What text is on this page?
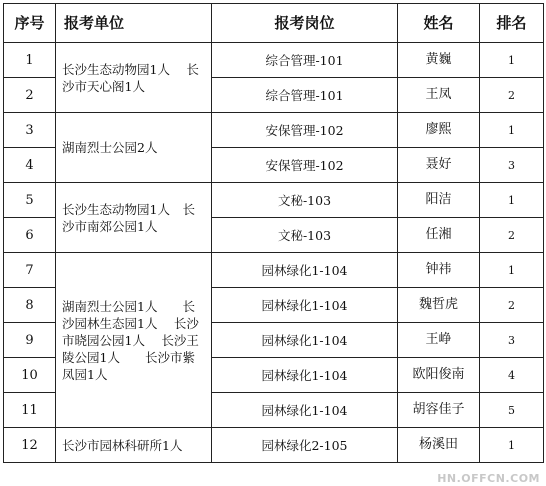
序号	报考单位	报考岗位	姓名	排名
1	长沙生态动物园1人　 长沙市天心阁1人	综合管理-101	黄巍	1
2		综合管理-101	王凤	2
3	湖南烈士公园2人	安保管理-102	廖熙	1
4		安保管理-102	聂好	3
5	长沙生态动物园1人　长沙市南郊公园1人	文秘-103	阳洁	1
6		文秘-103	任湘	2
7	湖南烈士公园1人　　长沙园林生态园1人　 长沙市晓园公园1人　 长沙王陵公园1人　　长沙市紫凤园1人	园林绿化1-104	钟祎	1
8		园林绿化1-104	魏哲虎	2
9		园林绿化1-104	王峥	3
10		园林绿化1-104	欧阳俊南	4
11		园林绿化1-104	胡容佳子	5
12	长沙市园林科研所1人	园林绿化2-105	杨溪田	1
HN.OFFCN.COM
